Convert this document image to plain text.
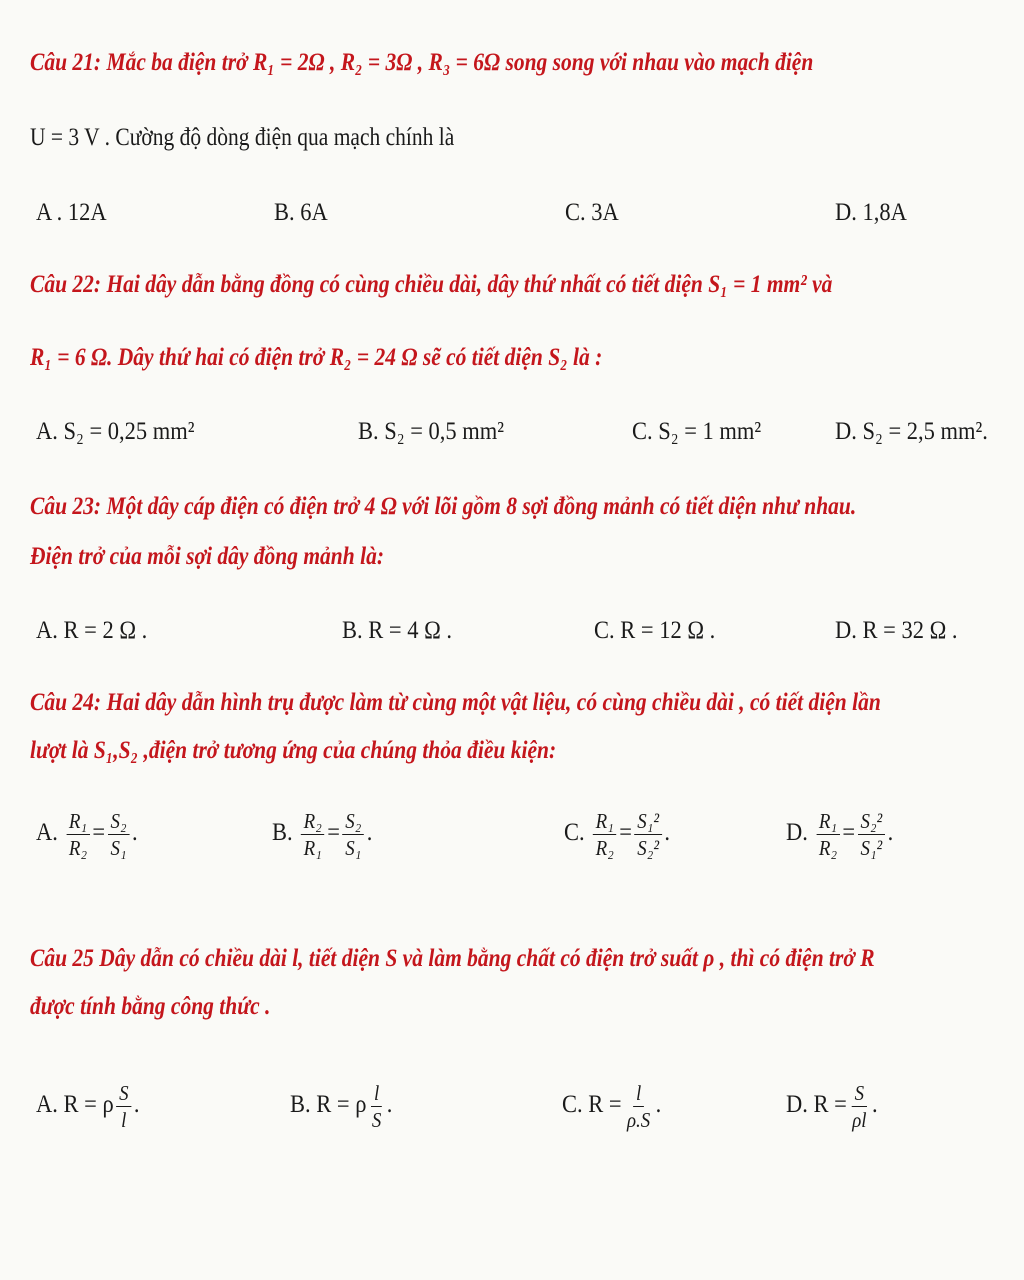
Câu 21: Mắc ba điện trở R₁ = 2Ω , R₂ = 3Ω , R₃ = 6Ω song song với nhau vào mạch điện
U = 3 V . Cường độ dòng điện qua mạch chính là
A . 12A	B. 6A	C. 3A	D. 1,8A
Câu 22: Hai dây dẫn bằng đồng có cùng chiều dài, dây thứ nhất có tiết diện S₁ = 1 mm² và
R₁ = 6 Ω. Dây thứ hai có điện trở R₂ = 24 Ω sẽ có tiết diện S₂ là :
A. S₂ = 0,25 mm²	B. S₂ = 0,5 mm²	C. S₂ = 1 mm²	D. S₂ = 2,5 mm².
Câu 23: Một dây cáp điện có điện trở 4 Ω với lõi gồm 8 sợi đồng mảnh có tiết diện như nhau.
Điện trở của mỗi sợi dây đồng mảnh là:
A. R = 2 Ω .	B. R = 4 Ω .	C. R = 12 Ω .	D. R = 32 Ω .
Câu 24: Hai dây dẫn hình trụ được làm từ cùng một vật liệu, có cùng chiều dài , có tiết diện lần
lượt là S₁,S₂ ,điện trở tương ứng của chúng thỏa điều kiện:
A. $\frac{\text{R₁}}{\text{R₂}} = \frac{\text{S₂}}{\text{S₁}}$ .	B. $\frac{\text{R₂}}{\text{R₁}} = \frac{\text{S₂}}{\text{S₁}}$ .	C. $\frac{\text{R₁}}{\text{R₂}} = \frac{\text{S₁²}}{\text{S₂²}}$ .	D. $\frac{\text{R₁}}{\text{R₂}} = \frac{\text{S₂²}}{\text{S₁²}}$ .
Câu 25 Dây dẫn có chiều dài l, tiết diện S và làm bằng chất có điện trở suất ρ , thì có điện trở R
được tính bằng công thức .
A. R = ρ $\frac{S}{l}$ .	B. R = ρ $\frac{l}{S}$ .	C. $R = \frac{l}{\rho.S}$ .	D. $R = \frac{S}{\rho l}$ .
